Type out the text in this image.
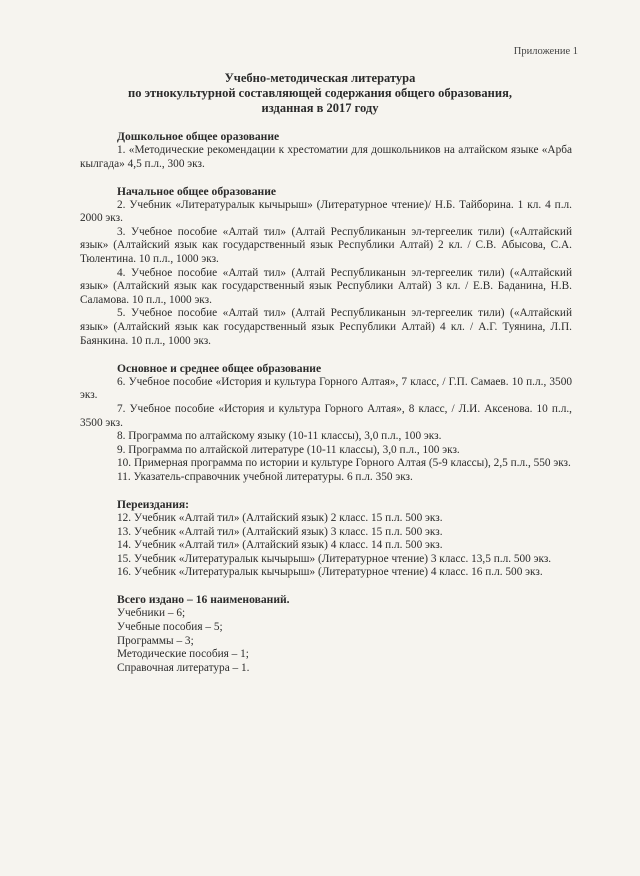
Приложение 1
Учебно-методическая литература
по этнокультурной составляющей содержания общего образования,
изданная в 2017 году
Дошкольное общее оразование

1. «Методические рекомендации к хрестоматии для дошкольников на алтайском языке «Арба кылгада» 4,5 п.л., 300 экз.

Начальное общее образование

2. Учебник «Литературалык кычырыш» (Литературное чтение)/ Н.Б. Тайборина. 1 кл. 4 п.л. 2000 экз.

3. Учебное пособие «Алтай тил» (Алтай Республиканын эл-тергеелик тили) («Алтайский язык» (Алтайский язык как государственный язык Республики Алтай) 2 кл. / С.В. Абысова, С.А. Тюлентина. 10 п.л., 1000 экз.

4. Учебное пособие «Алтай тил» (Алтай Республиканын эл-тергеелик тили) («Алтайский язык» (Алтайский язык как государственный язык Республики Алтай) 3 кл. / Е.В. Баданина, Н.В. Саламова. 10 п.л., 1000 экз.

5. Учебное пособие «Алтай тил» (Алтай Республиканын эл-тергеелик тили) («Алтайский язык» (Алтайский язык как государственный язык Республики Алтай) 4 кл. / А.Г. Туянина, Л.П. Баянкина. 10 п.л., 1000 экз.

Основное и среднее общее образование

6. Учебное пособие «История и культура Горного Алтая», 7 класс, / Г.П. Самаев. 10 п.л., 3500 экз.

7. Учебное пособие «История и культура Горного Алтая», 8 класс, / Л.И. Аксенова. 10 п.л., 3500 экз.

8. Программа по алтайскому языку (10-11 классы), 3,0 п.л., 100 экз.

9. Программа по алтайской литературе (10-11 классы), 3,0 п.л., 100 экз.

10. Примерная программа по истории и культуре Горного Алтая (5-9 классы), 2,5 п.л., 550 экз.

11. Указатель-справочник учебной литературы. 6 п.л. 350 экз.

Переиздания:

12. Учебник «Алтай тил» (Алтайский язык) 2 класс. 15 п.л. 500 экз.

13. Учебник «Алтай тил» (Алтайский язык) 3 класс. 15 п.л. 500 экз.

14. Учебник «Алтай тил» (Алтайский язык) 4 класс. 14 п.л. 500 экз.

15. Учебник «Литературалык кычырыш» (Литературное чтение) 3 класс. 13,5 п.л. 500 экз.

16. Учебник «Литературалык кычырыш» (Литературное чтение) 4 класс. 16 п.л. 500 экз.

Всего издано – 16 наименований.
Учебники – 6;
Учебные пособия – 5;
Программы – 3;
Методические пособия – 1;
Справочная литература – 1.
